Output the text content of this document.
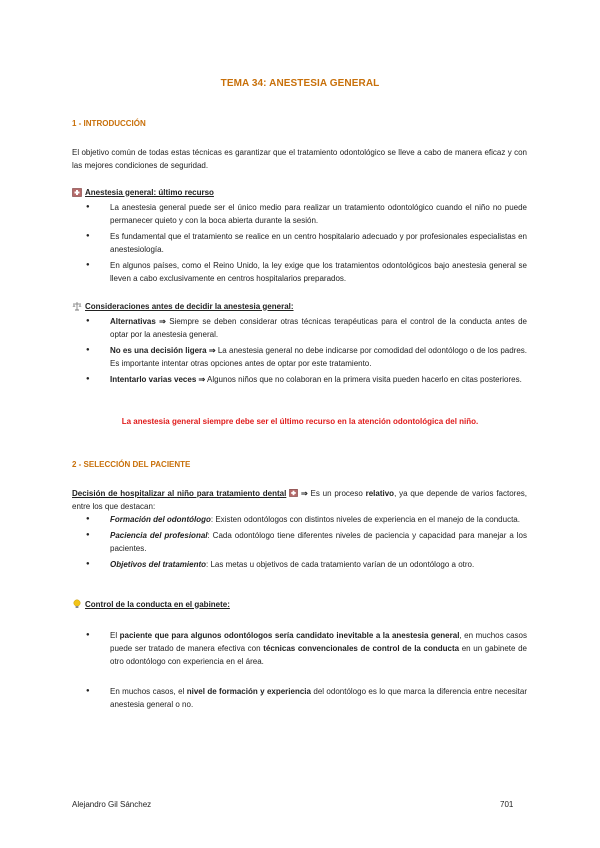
TEMA 34: ANESTESIA GENERAL
1 - INTRODUCCIÓN
El objetivo común de todas estas técnicas es garantizar que el tratamiento odontológico se lleve a cabo de manera eficaz y con las mejores condiciones de seguridad.
Anestesia general: último recurso
● La anestesia general puede ser el único medio para realizar un tratamiento odontológico cuando el niño no puede permanecer quieto y con la boca abierta durante la sesión.
● Es fundamental que el tratamiento se realice en un centro hospitalario adecuado y por profesionales especialistas en anestesiología.
● En algunos países, como el Reino Unido, la ley exige que los tratamientos odontológicos bajo anestesia general se lleven a cabo exclusivamente en centros hospitalarios preparados.
Consideraciones antes de decidir la anestesia general:
● Alternativas ⇒ Siempre se deben considerar otras técnicas terapéuticas para el control de la conducta antes de optar por la anestesia general.
● No es una decisión ligera ⇒ La anestesia general no debe indicarse por comodidad del odontólogo o de los padres. Es importante intentar otras opciones antes de optar por este tratamiento.
● Intentarlo varias veces ⇒ Algunos niños que no colaboran en la primera visita pueden hacerlo en citas posteriores.
La anestesia general siempre debe ser el último recurso en la atención odontológica del niño.
2 - SELECCIÓN DEL PACIENTE
Decisión de hospitalizar al niño para tratamiento dental ⇒ Es un proceso relativo, ya que depende de varios factores, entre los que destacan:
● Formación del odontólogo: Existen odontólogos con distintos niveles de experiencia en el manejo de la conducta.
● Paciencia del profesional: Cada odontólogo tiene diferentes niveles de paciencia y capacidad para manejar a los pacientes.
● Objetivos del tratamiento: Las metas u objetivos de cada tratamiento varían de un odontólogo a otro.
Control de la conducta en el gabinete:
● El paciente que para algunos odontólogos sería candidato inevitable a la anestesia general, en muchos casos puede ser tratado de manera efectiva con técnicas convencionales de control de la conducta en un gabinete de otro odontólogo con experiencia en el área.
● En muchos casos, el nivel de formación y experiencia del odontólogo es lo que marca la diferencia entre necesitar anestesia general o no.
Alejandro Gil Sánchez	701
